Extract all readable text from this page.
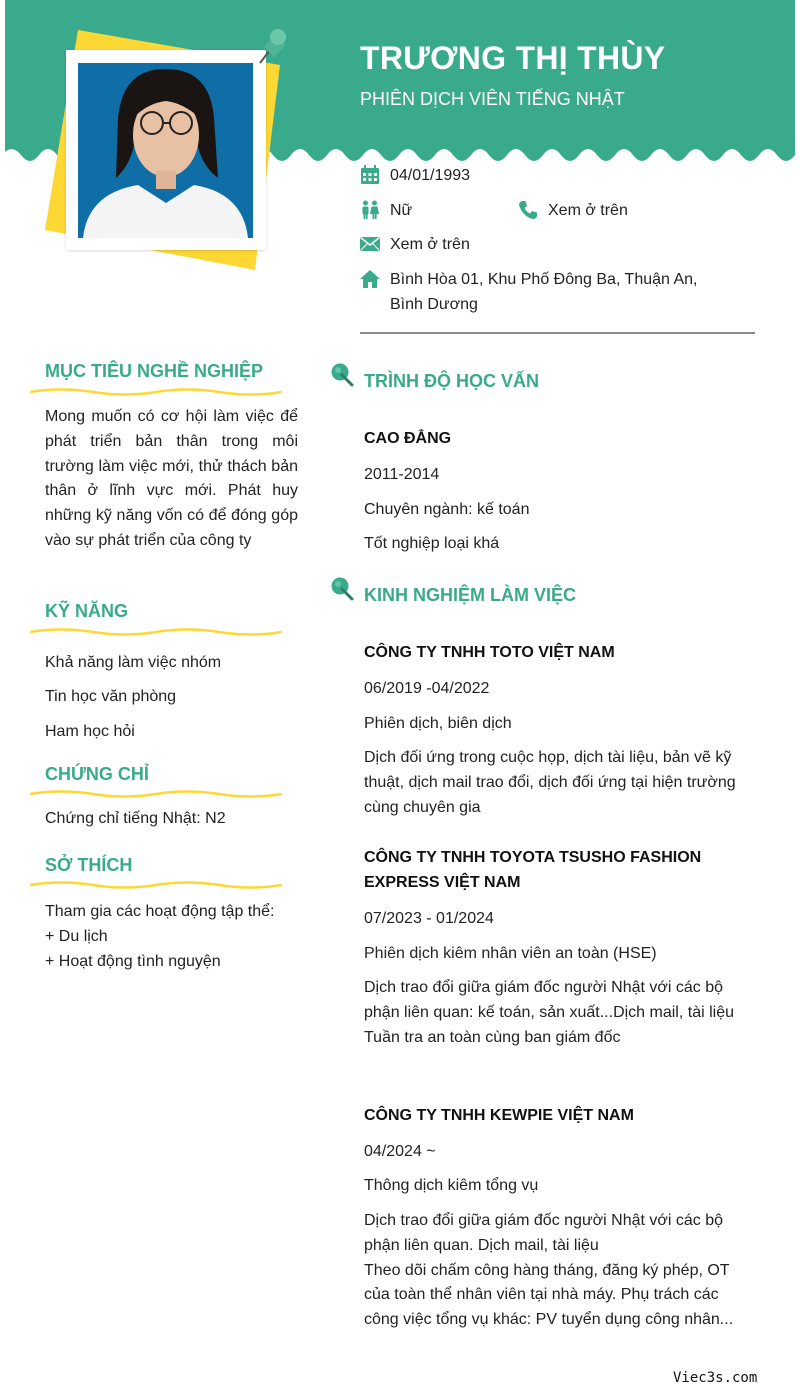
TRƯƠNG THỊ THÙY
PHIÊN DỊCH VIÊN TIẾNG NHẬT
04/01/1993
Nữ	Xem ở trên
Xem ở trên
Bình Hòa 01, Khu Phố Đông Ba, Thuận An, Bình Dương
MỤC TIÊU NGHỀ NGHIỆP
Mong muốn có cơ hội làm việc để phát triển bản thân trong môi trường làm việc mới, thử thách bản thân ở lĩnh vực mới. Phát huy những kỹ năng vốn có để đóng góp vào sự phát triển của công ty
KỸ NĂNG
Khả năng làm việc nhóm
Tin học văn phòng
Ham học hỏi
CHỨNG CHỈ
Chứng chỉ tiếng Nhật: N2
SỞ THÍCH
Tham gia các hoạt động tập thể:
+ Du lịch
+ Hoạt động tình nguyện
TRÌNH ĐỘ HỌC VẤN
CAO ĐẲNG
2011-2014
Chuyên ngành: kế toán
Tốt nghiệp loại khá
KINH NGHIỆM LÀM VIỆC
CÔNG TY TNHH TOTO VIỆT NAM
06/2019 -04/2022
Phiên dịch, biên dịch
Dịch đối ứng trong cuộc họp, dịch tài liệu, bản vẽ kỹ thuật, dịch mail trao đổi, dịch đối ứng tại hiện trường cùng chuyên gia
CÔNG TY TNHH TOYOTA TSUSHO FASHION EXPRESS VIỆT NAM
07/2023 - 01/2024
Phiên dịch kiêm nhân viên an toàn (HSE)
Dịch trao đổi giữa giám đốc người Nhật với các bộ phận liên quan: kế toán, sản xuất...Dịch mail, tài liệu
Tuần tra an toàn cùng ban giám đốc
CÔNG TY TNHH KEWPIE VIỆT NAM
04/2024 ~
Thông dịch kiêm tổng vụ
Dịch trao đổi giữa giám đốc người Nhật với các bộ phận liên quan. Dịch mail, tài liệu
Theo dõi chấm công hàng tháng, đăng ký phép, OT của toàn thể nhân viên tại nhà máy. Phụ trách các công việc tổng vụ khác: PV tuyển dụng công nhân...
Viec3s.com
